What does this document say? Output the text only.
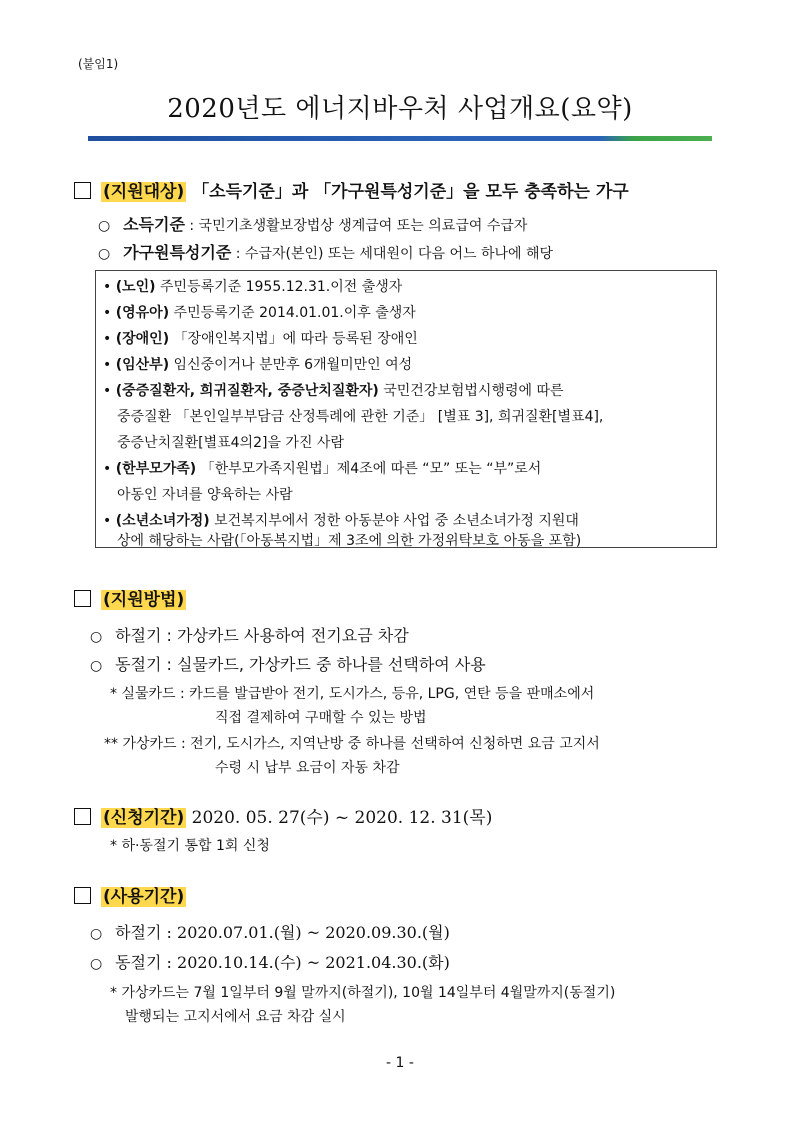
(붙임1)
2020년도 에너지바우처 사업개요(요약)
(지원대상) 「소득기준」과 「가구원특성기준」을 모두 충족하는 가구
○ 소득기준 : 국민기초생활보장법상 생계급여 또는 의료급여 수급자
○ 가구원특성기준 : 수급자(본인) 또는 세대원이 다음 어느 하나에 해당
• (노인) 주민등록기준 1955.12.31.이전 출생자
• (영유아) 주민등록기준 2014.01.01.이후 출생자
• (장애인) 「장애인복지법」에 따라 등록된 장애인
• (임산부) 임신중이거나 분만후 6개월미만인 여성
• (중증질환자, 희귀질환자, 중증난치질환자) 국민건강보험법시행령에 따른
중증질환 「본인일부부담금 산정특례에 관한 기준」 [별표 3], 희귀질환[별표4],
중증난치질환[별표4의2]을 가진 사람
• (한부모가족) 「한부모가족지원법」제4조에 따른 “모” 또는 “부”로서
아동인 자녀를 양육하는 사람
• (소년소녀가정) 보건복지부에서 정한 아동분야 사업 중 소년소녀가정 지원대
상에 해당하는 사람(「아동복지법」제 3조에 의한 가정위탁보호 아동을 포함)
(지원방법)
○ 하절기 : 가상카드 사용하여 전기요금 차감
○ 동절기 : 실물카드, 가상카드 중 하나를 선택하여 사용
* 실물카드 : 카드를 발급받아 전기, 도시가스, 등유, LPG, 연탄 등을 판매소에서
직접 결제하여 구매할 수 있는 방법
** 가상카드 : 전기, 도시가스, 지역난방 중 하나를 선택하여 신청하면 요금 고지서
수령 시 납부 요금이 자동 차감
(신청기간) 2020. 05. 27(수) ~ 2020. 12. 31(목)
* 하·동절기 통합 1회 신청
(사용기간)
○ 하절기 : 2020.07.01.(월) ~ 2020.09.30.(월)
○ 동절기 : 2020.10.14.(수) ~ 2021.04.30.(화)
* 가상카드는 7월 1일부터 9월 말까지(하절기), 10월 14일부터 4월말까지(동절기)
발행되는 고지서에서 요금 차감 실시
- 1 -
